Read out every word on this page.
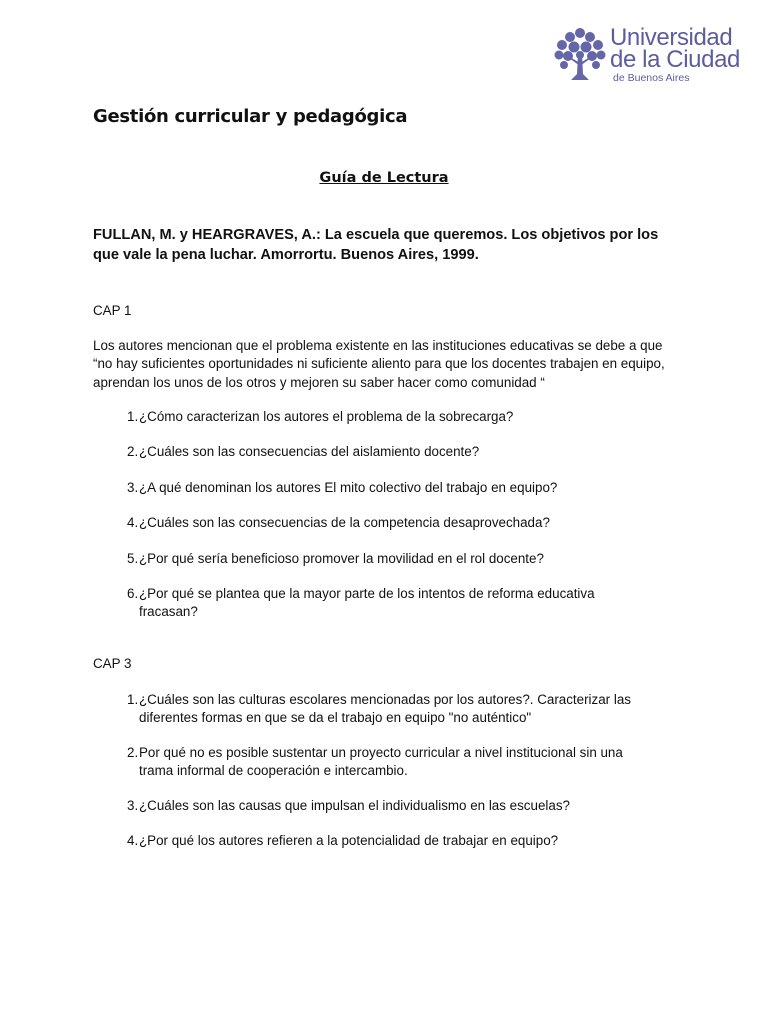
Universidad
de la Ciudad
de Buenos Aires
Gestión curricular y pedagógica
Guía de Lectura
FULLAN, M. y HEARGRAVES, A.: La escuela que queremos. Los objetivos por los que vale la pena luchar. Amorrortu. Buenos Aires, 1999.
CAP 1
Los autores mencionan que el problema existente en las instituciones educativas se debe a que “no hay suficientes oportunidades ni suficiente aliento para que los docentes trabajen en equipo, aprendan los unos de los otros y mejoren su saber hacer como comunidad “
1. ¿Cómo caracterizan los autores el problema de la sobrecarga?
2. ¿Cuáles son las consecuencias del aislamiento docente?
3. ¿A qué denominan los autores El mito colectivo del trabajo en equipo?
4. ¿Cuáles son las consecuencias de la competencia desaprovechada?
5. ¿Por qué sería beneficioso promover la movilidad en el rol docente?
6. ¿Por qué se plantea que la mayor parte de los intentos de reforma educativa fracasan?
CAP 3
1. ¿Cuáles son las culturas escolares mencionadas por los autores?. Caracterizar las diferentes formas en que se da el trabajo en equipo "no auténtico"
2. Por qué no es posible sustentar un proyecto curricular a nivel institucional sin una trama informal de cooperación e intercambio.
3. ¿Cuáles son las causas que impulsan el individualismo en las escuelas?
4. ¿Por qué los autores refieren a la potencialidad de trabajar en equipo?
